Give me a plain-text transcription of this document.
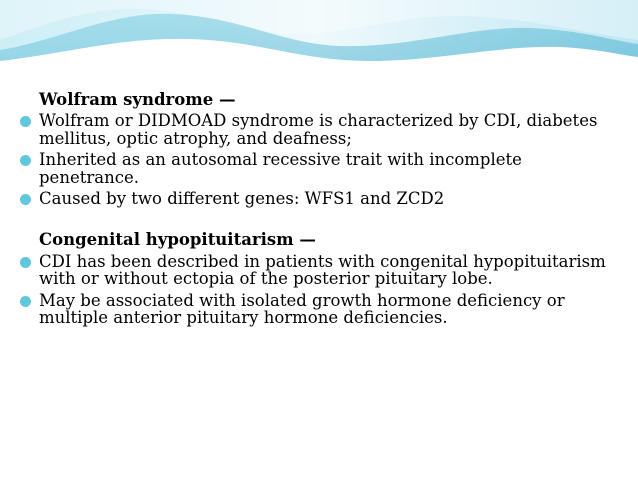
Wolfram syndrome —

Wolfram or DIDMOAD syndrome is characterized by CDI, diabetes mellitus, optic atrophy, and deafness;
Inherited as an autosomal recessive trait with incomplete penetrance.
Caused by two different genes: WFS1 and ZCD2

Congenital hypopituitarism —

CDI has been described in patients with congenital hypopituitarism with or without ectopia of the posterior pituitary lobe.
May be associated with isolated growth hormone deficiency or multiple anterior pituitary hormone deficiencies.
